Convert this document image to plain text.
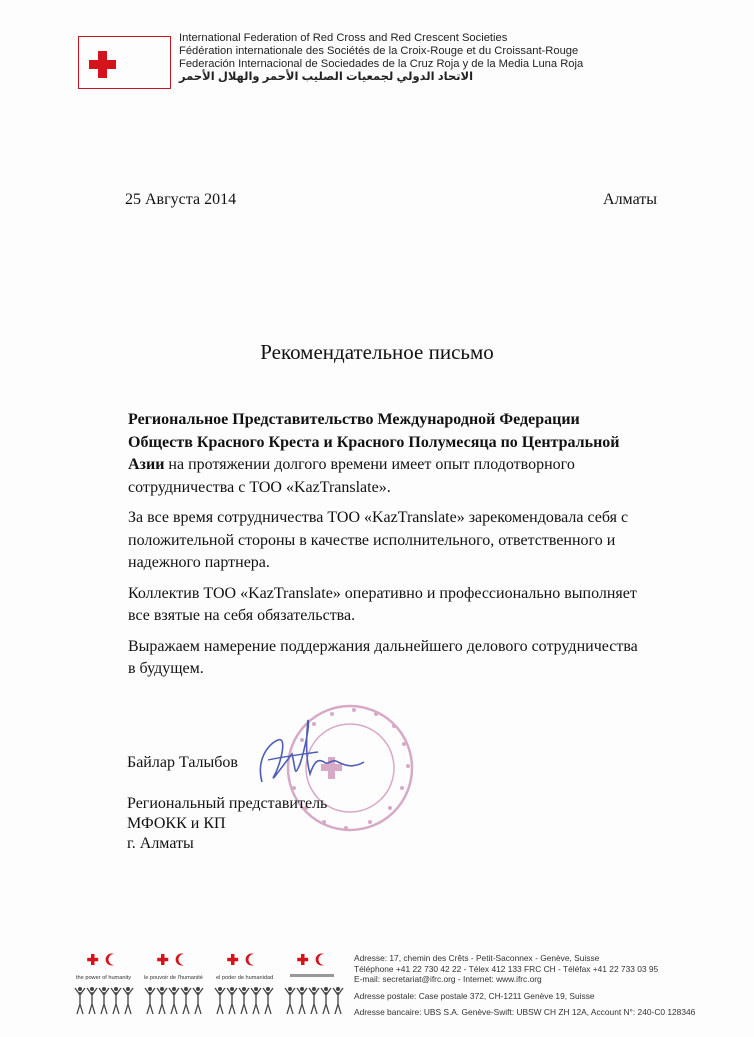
International Federation of Red Cross and Red Crescent Societies
Fédération internationale des Sociétés de la Croix-Rouge et du Croissant-Rouge
Federación Internacional de Sociedades de la Cruz Roja y de la Media Luna Roja
الاتحاد الدولي لجمعيات الصليب الأحمر والهلال الأحمر
25 Августа 2014	Алматы
Рекомендательное письмо

Региональное Представительство Международной Федерации Обществ Красного Креста и Красного Полумесяца по Центральной Азии на протяжении долгого времени имеет опыт плодотворного сотрудничества с ТОО «KazTranslate».

За все время сотрудничества ТОО «KazTranslate» зарекомендовала себя с положительной стороны в качестве исполнительного, ответственного и надежного партнера.

Коллектив ТОО «KazTranslate» оперативно и профессионально выполняет все взятые на себя обязательства.

Выражаем намерение поддержания дальнейшего делового сотрудничества в будущем.

Байлар Талыбов
Региональный представитель
МФОКК и КП
г. Алматы
the power of humanity le pouvoir de l'humanité el poder de humanidad
Adresse: 17, chemin des Crêts - Petit-Saconnex - Genève, Suisse
Téléphone +41 22 730 42 22 - Télex 412 133 FRC CH - Téléfax +41 22 733 03 95
E-mail: secretariat@ifrc.org - Internet: www.ifrc.org
Adresse postale: Case postale 372, CH-1211 Genève 19, Suisse
Adresse bancaire: UBS S.A. Genève-Swift: UBSW CH ZH 12A, Account N°: 240-C0 128346
